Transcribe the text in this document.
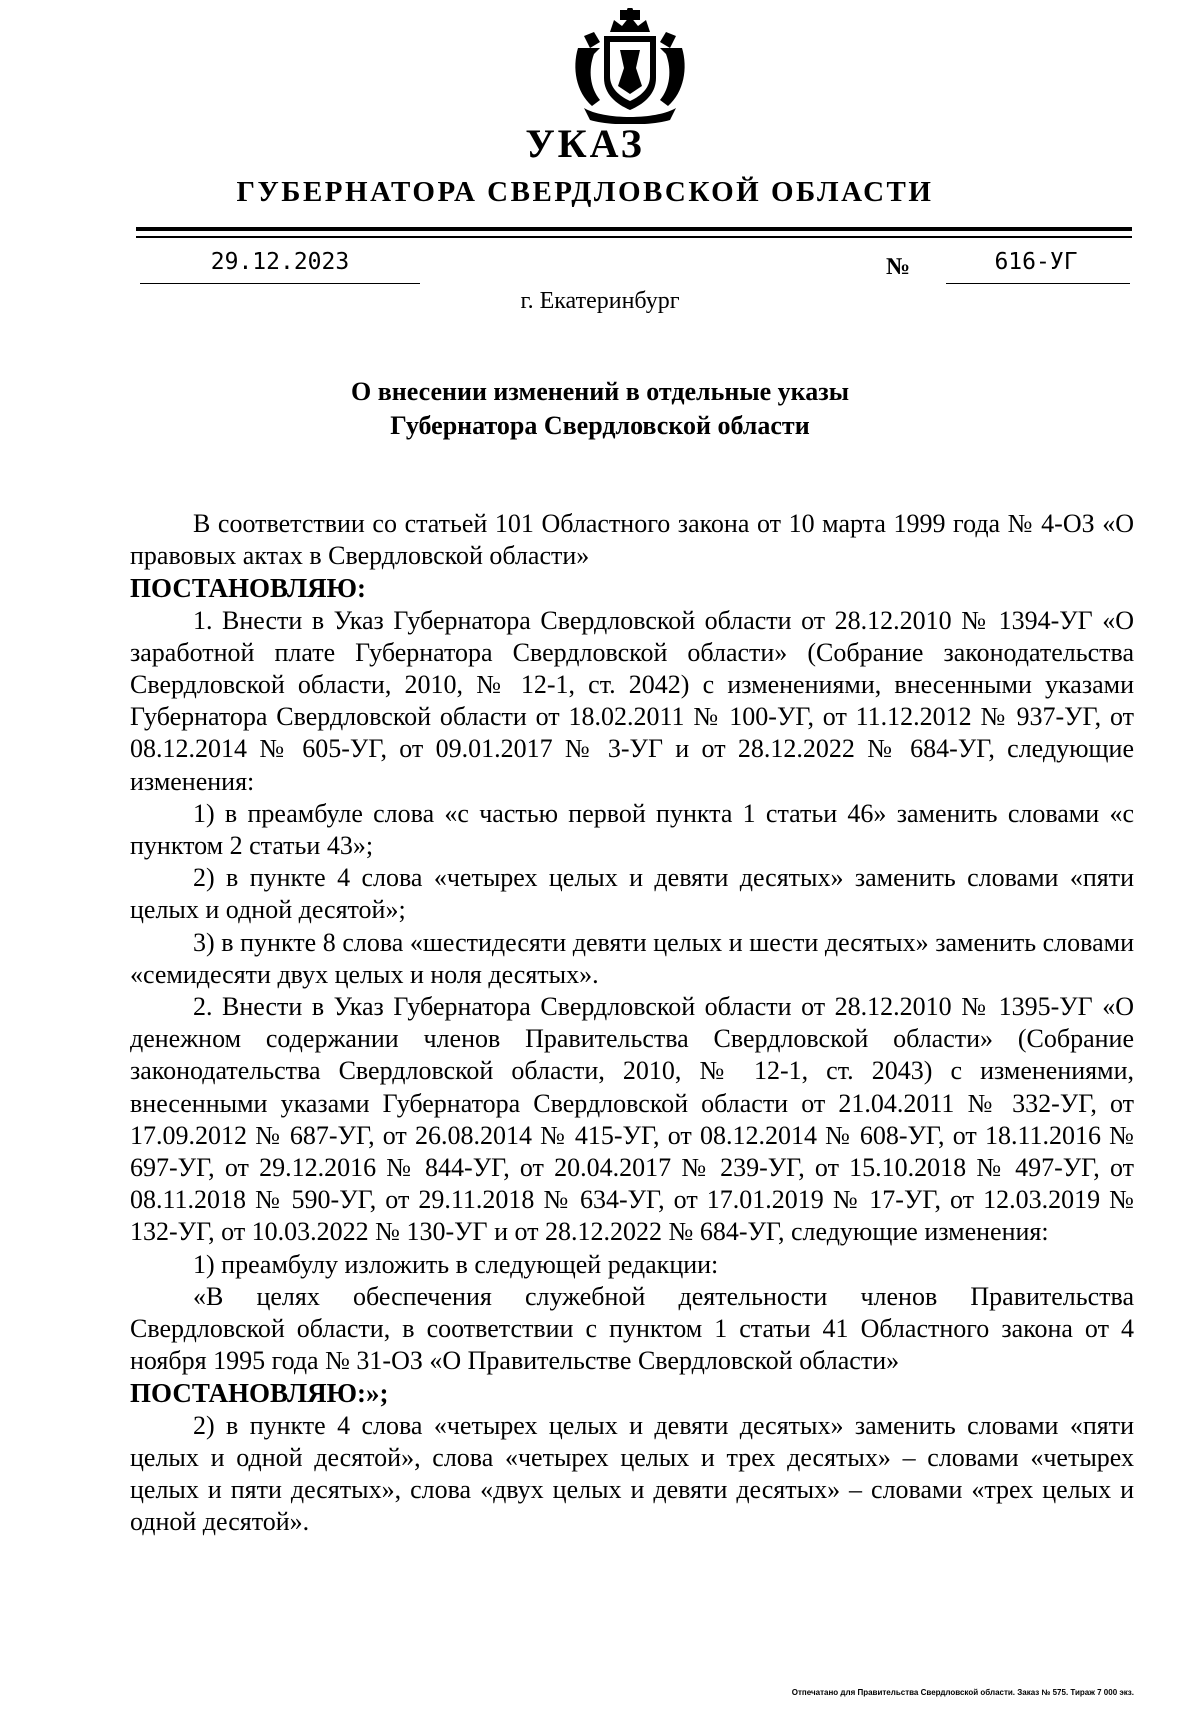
УКАЗ
ГУБЕРНАТОРА СВЕРДЛОВСКОЙ ОБЛАСТИ
29.12.2023	№	616-УГ
г. Екатеринбург
О внесении изменений в отдельные указы
Губернатора Свердловской области

В соответствии со статьей 101 Областного закона от 10 марта 1999 года № 4-ОЗ «О правовых актах в Свердловской области»

ПОСТАНОВЛЯЮ:

1. Внести в Указ Губернатора Свердловской области от 28.12.2010 № 1394-УГ «О заработной плате Губернатора Свердловской области» (Собрание законодательства Свердловской области, 2010, № 12-1, ст. 2042) с изменениями, внесенными указами Губернатора Свердловской области от 18.02.2011 № 100-УГ, от 11.12.2012 № 937-УГ, от 08.12.2014 № 605-УГ, от 09.01.2017 № 3-УГ и от 28.12.2022 № 684-УГ, следующие изменения:

1) в преамбуле слова «с частью первой пункта 1 статьи 46» заменить словами «с пунктом 2 статьи 43»;

2) в пункте 4 слова «четырех целых и девяти десятых» заменить словами «пяти целых и одной десятой»;

3) в пункте 8 слова «шестидесяти девяти целых и шести десятых» заменить словами «семидесяти двух целых и ноля десятых».

2. Внести в Указ Губернатора Свердловской области от 28.12.2010 № 1395-УГ «О денежном содержании членов Правительства Свердловской области» (Собрание законодательства Свердловской области, 2010, № 12-1, ст. 2043) с изменениями, внесенными указами Губернатора Свердловской области от 21.04.2011 № 332-УГ, от 17.09.2012 № 687-УГ, от 26.08.2014 № 415-УГ, от 08.12.2014 № 608-УГ, от 18.11.2016 № 697-УГ, от 29.12.2016 № 844-УГ, от 20.04.2017 № 239-УГ, от 15.10.2018 № 497-УГ, от 08.11.2018 № 590-УГ, от 29.11.2018 № 634-УГ, от 17.01.2019 № 17-УГ, от 12.03.2019 № 132-УГ, от 10.03.2022 № 130-УГ и от 28.12.2022 № 684-УГ, следующие изменения:

1) преамбулу изложить в следующей редакции:

«В целях обеспечения служебной деятельности членов Правительства Свердловской области, в соответствии с пунктом 1 статьи 41 Областного закона от 4 ноября 1995 года № 31-ОЗ «О Правительстве Свердловской области»

ПОСТАНОВЛЯЮ:»;

2) в пункте 4 слова «четырех целых и девяти десятых» заменить словами «пяти целых и одной десятой», слова «четырех целых и трех десятых» – словами «четырех целых и пяти десятых», слова «двух целых и девяти десятых» – словами «трех целых и одной десятой».

Отпечатано для Правительства Свердловской области. Заказ № 575. Тираж 7 000 экз.
